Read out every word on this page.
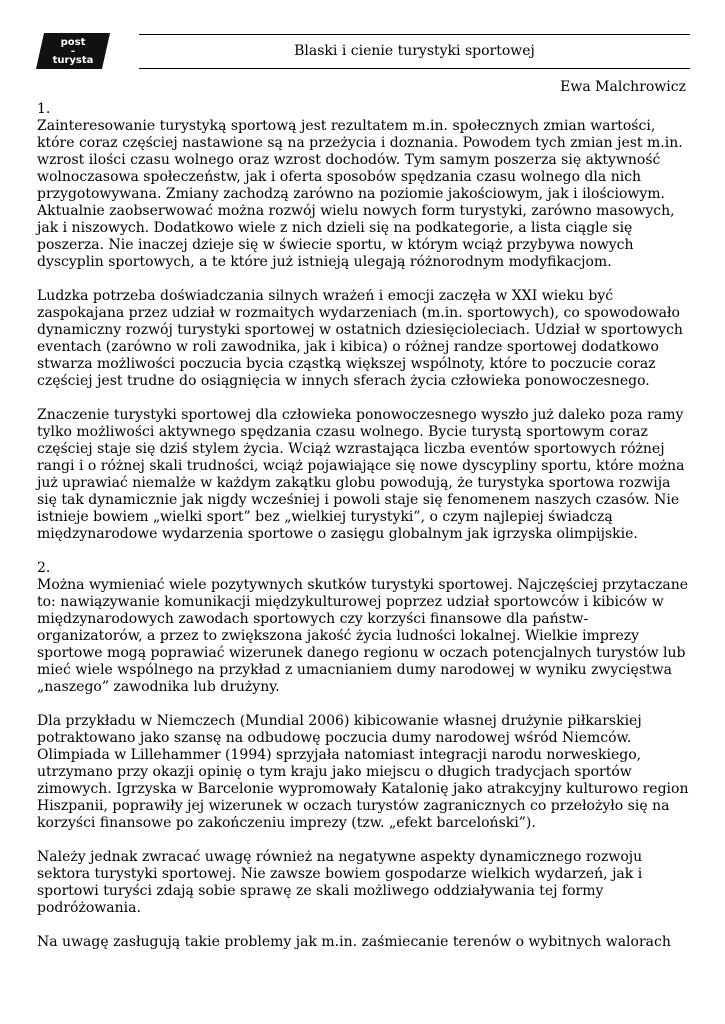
post
-
turysta
Blaski i cienie turystyki sportowej
Ewa Malchrowicz

1.

Zainteresowanie turystyką sportową jest rezultatem m.in. społecznych zmian wartości, które coraz częściej nastawione są na przeżycia i doznania. Powodem tych zmian jest m.in. wzrost ilości czasu wolnego oraz wzrost dochodów. Tym samym poszerza się aktywność wolnoczasowa społeczeństw, jak i oferta sposobów spędzania czasu wolnego dla nich przygotowywana. Zmiany zachodzą zarówno na poziomie jakościowym, jak i ilościowym. Aktualnie zaobserwować można rozwój wielu nowych form turystyki, zarówno masowych, jak i niszowych. Dodatkowo wiele z nich dzieli się na podkategorie, a lista ciągle się poszerza. Nie inaczej dzieje się w świecie sportu, w którym wciąż przybywa nowych dyscyplin sportowych, a te które już istnieją ulegają różnorodnym modyfikacjom.

Ludzka potrzeba doświadczania silnych wrażeń i emocji zaczęła w XXI wieku być zaspokajana przez udział w rozmaitych wydarzeniach (m.in. sportowych), co spowodowało dynamiczny rozwój turystyki sportowej w ostatnich dziesięcioleciach. Udział w sportowych eventach (zarówno w roli zawodnika, jak i kibica) o różnej randze sportowej dodatkowo stwarza możliwości poczucia bycia cząstką większej wspólnoty, które to poczucie coraz częściej jest trudne do osiągnięcia w innych sferach życia człowieka ponowoczesnego.

Znaczenie turystyki sportowej dla człowieka ponowoczesnego wyszło już daleko poza ramy tylko możliwości aktywnego spędzania czasu wolnego. Bycie turystą sportowym coraz częściej staje się dziś stylem życia. Wciąż wzrastająca liczba eventów sportowych różnej rangi i o różnej skali trudności, wciąż pojawiające się nowe dyscypliny sportu, które można już uprawiać niemalże w każdym zakątku globu powodują, że turystyka sportowa rozwija się tak dynamicznie jak nigdy wcześniej i powoli staje się fenomenem naszych czasów. Nie istnieje bowiem „wielki sport” bez „wielkiej turystyki”, o czym najlepiej świadczą międzynarodowe wydarzenia sportowe o zasięgu globalnym jak igrzyska olimpijskie.

2.

Można wymieniać wiele pozytywnych skutków turystyki sportowej. Najczęściej przytaczane to: nawiązywanie komunikacji międzykulturowej poprzez udział sportowców i kibiców w międzynarodowych zawodach sportowych czy korzyści finansowe dla państw-organizatorów, a przez to zwiększona jakość życia ludności lokalnej. Wielkie imprezy sportowe mogą poprawiać wizerunek danego regionu w oczach potencjalnych turystów lub mieć wiele wspólnego na przykład z umacnianiem dumy narodowej w wyniku zwycięstwa „naszego” zawodnika lub drużyny.

Dla przykładu w Niemczech (Mundial 2006) kibicowanie własnej drużynie piłkarskiej potraktowano jako szansę na odbudowę poczucia dumy narodowej wśród Niemców. Olimpiada w Lillehammer (1994) sprzyjała natomiast integracji narodu norweskiego, utrzymano przy okazji opinię o tym kraju jako miejscu o długich tradycjach sportów zimowych. Igrzyska w Barcelonie wypromowały Katalonię jako atrakcyjny kulturowo region Hiszpanii, poprawiły jej wizerunek w oczach turystów zagranicznych co przełożyło się na korzyści finansowe po zakończeniu imprezy (tzw. „efekt barceloński”).

Należy jednak zwracać uwagę również na negatywne aspekty dynamicznego rozwoju sektora turystyki sportowej. Nie zawsze bowiem gospodarze wielkich wydarzeń, jak i sportowi turyści zdają sobie sprawę ze skali możliwego oddziaływania tej formy podróżowania.

Na uwagę zasługują takie problemy jak m.in. zaśmiecanie terenów o wybitnych walorach
